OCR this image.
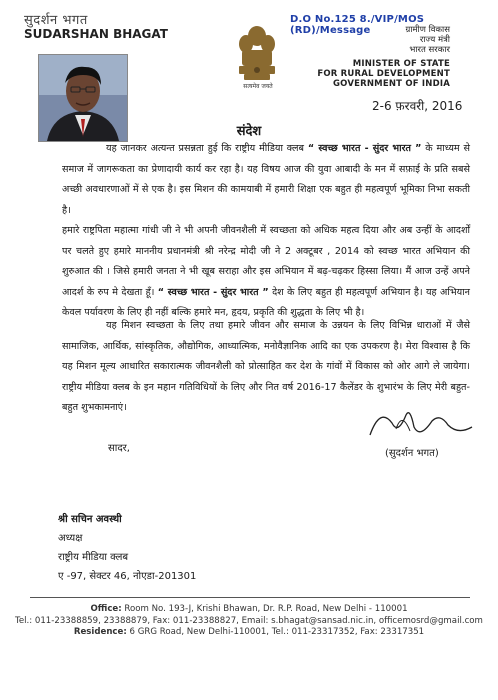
सुदर्शन भगत
SUDARSHAN BHAGAT
सत्यमेव जयते
D.O No.125 8./VIP/MOS (RD)/Message	ग्रामीण विकास
राज्य मंत्री
भारत सरकार
MINISTER OF STATE
FOR RURAL DEVELOPMENT
GOVERNMENT OF INDIA
2-6 फ़रवरी, 2016
संदेश

यह जानकर अत्यन्त प्रसन्नता हुई कि राष्ट्रीय मीडिया क्लब “ स्वच्छ भारत - सुंदर भारत ” के माध्यम से समाज में जागरूकता का प्रेणादायी कार्य कर रहा है। यह विषय आज की युवा आबादी के मन में सफ़ाई के प्रति सबसे अच्छी अवधारणाओं में से एक है। इस मिशन की कामयाबी में हमारी शिक्षा एक बहुत ही महत्वपूर्ण भूमिका निभा सकती है।

हमारे राष्ट्रपिता महात्मा गांधी जी ने भी अपनी जीवनशैली में स्वच्छता को अधिक महत्व दिया और अब उन्हीं के आदर्शों पर चलते हुए हमारे माननीय प्रधानमंत्री श्री नरेन्द्र मोदी जी ने 2 अक्टूबर , 2014 को स्वच्छ भारत अभियान की शुरुआत की । जिसे हमारी जनता ने भी खूब सराहा और इस अभियान में बढ़-चढ़कर हिस्सा लिया। मैं आज उन्हें अपने आदर्श के रुप मे देखता हूँ। “ स्वच्छ भारत - सुंदर भारत ” देश के लिए बहुत ही महत्वपूर्ण अभियान है। यह अभियान केवल पर्यावरण के लिए ही नहीं बल्कि हमारे मन, हृदय, प्रकृति की शुद्धता के लिए भी है।

यह मिशन स्वच्छता के लिए तथा हमारे जीवन और समाज के उन्नयन के लिए विभिन्न धाराओं में जैसे सामाजिक, आर्थिक, सांस्कृतिक, औद्योगिक, आध्यात्मिक, मनोवैज्ञानिक आदि का एक उपकरण है। मेरा विश्वास है कि यह मिशन मूल्य आधारित सकारात्मक जीवनशैली को प्रोत्साहित कर देश के गांवों में विकास को ओर आगे ले जायेगा। राष्ट्रीय मीडिया क्लब के इन महान गतिविधियों के लिए और नित वर्ष 2016-17 कैलेंडर के शुभारंभ के लिए मेरी बहुत-बहुत शुभकामनाएं।

सादर,	(सुदर्शन भगत)
श्री सचिन अवस्थी
अध्यक्ष
राष्ट्रीय मीडिया क्लब
ए -97, सेक्टर 46, नोएडा-201301
Office: Room No. 193-J, Krishi Bhawan, Dr. R.P. Road, New Delhi - 110001
Tel.: 011-23388859, 23388879, Fax: 011-23388827, Email: s.bhagat@sansad.nic.in, officemosrd@gmail.com
Residence: 6 GRG Road, New Delhi-110001, Tel.: 011-23317352, Fax: 23317351
